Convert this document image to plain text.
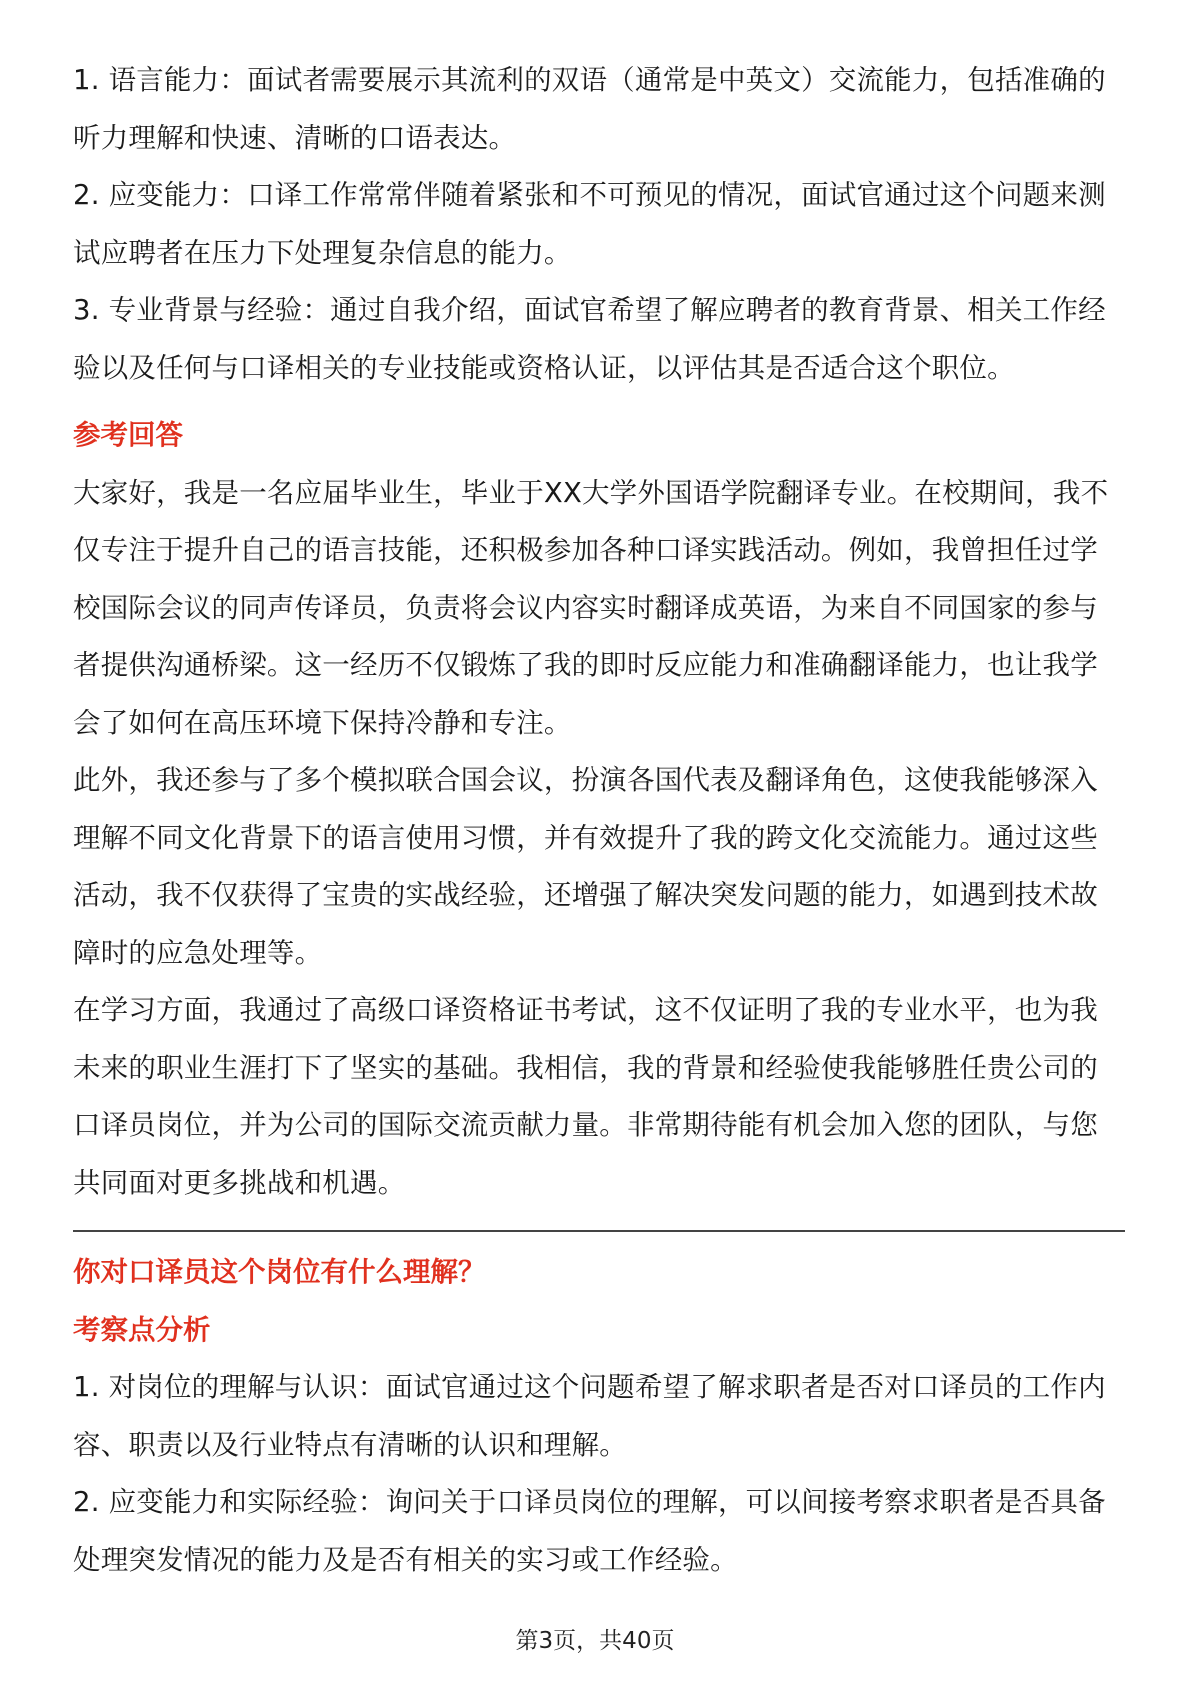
1. 语言能力：面试者需要展示其流利的双语（通常是中英文）交流能力，包括准确的听力理解和快速、清晰的口语表达。

2. 应变能力：口译工作常常伴随着紧张和不可预见的情况，面试官通过这个问题来测试应聘者在压力下处理复杂信息的能力。

3. 专业背景与经验：通过自我介绍，面试官希望了解应聘者的教育背景、相关工作经验以及任何与口译相关的专业技能或资格认证，以评估其是否适合这个职位。

参考回答

大家好，我是一名应届毕业生，毕业于XX大学外国语学院翻译专业。在校期间，我不仅专注于提升自己的语言技能，还积极参加各种口译实践活动。例如，我曾担任过学校国际会议的同声传译员，负责将会议内容实时翻译成英语，为来自不同国家的参与者提供沟通桥梁。这一经历不仅锻炼了我的即时反应能力和准确翻译能力，也让我学会了如何在高压环境下保持冷静和专注。

此外，我还参与了多个模拟联合国会议，扮演各国代表及翻译角色，这使我能够深入理解不同文化背景下的语言使用习惯，并有效提升了我的跨文化交流能力。通过这些活动，我不仅获得了宝贵的实战经验，还增强了解决突发问题的能力，如遇到技术故障时的应急处理等。

在学习方面，我通过了高级口译资格证书考试，这不仅证明了我的专业水平，也为我未来的职业生涯打下了坚实的基础。我相信，我的背景和经验使我能够胜任贵公司的口译员岗位，并为公司的国际交流贡献力量。非常期待能有机会加入您的团队，与您共同面对更多挑战和机遇。

你对口译员这个岗位有什么理解？
考察点分析

1. 对岗位的理解与认识：面试官通过这个问题希望了解求职者是否对口译员的工作内容、职责以及行业特点有清晰的认识和理解。

2. 应变能力和实际经验：询问关于口译员岗位的理解，可以间接考察求职者是否具备处理突发情况的能力及是否有相关的实习或工作经验。

第3页，共40页
